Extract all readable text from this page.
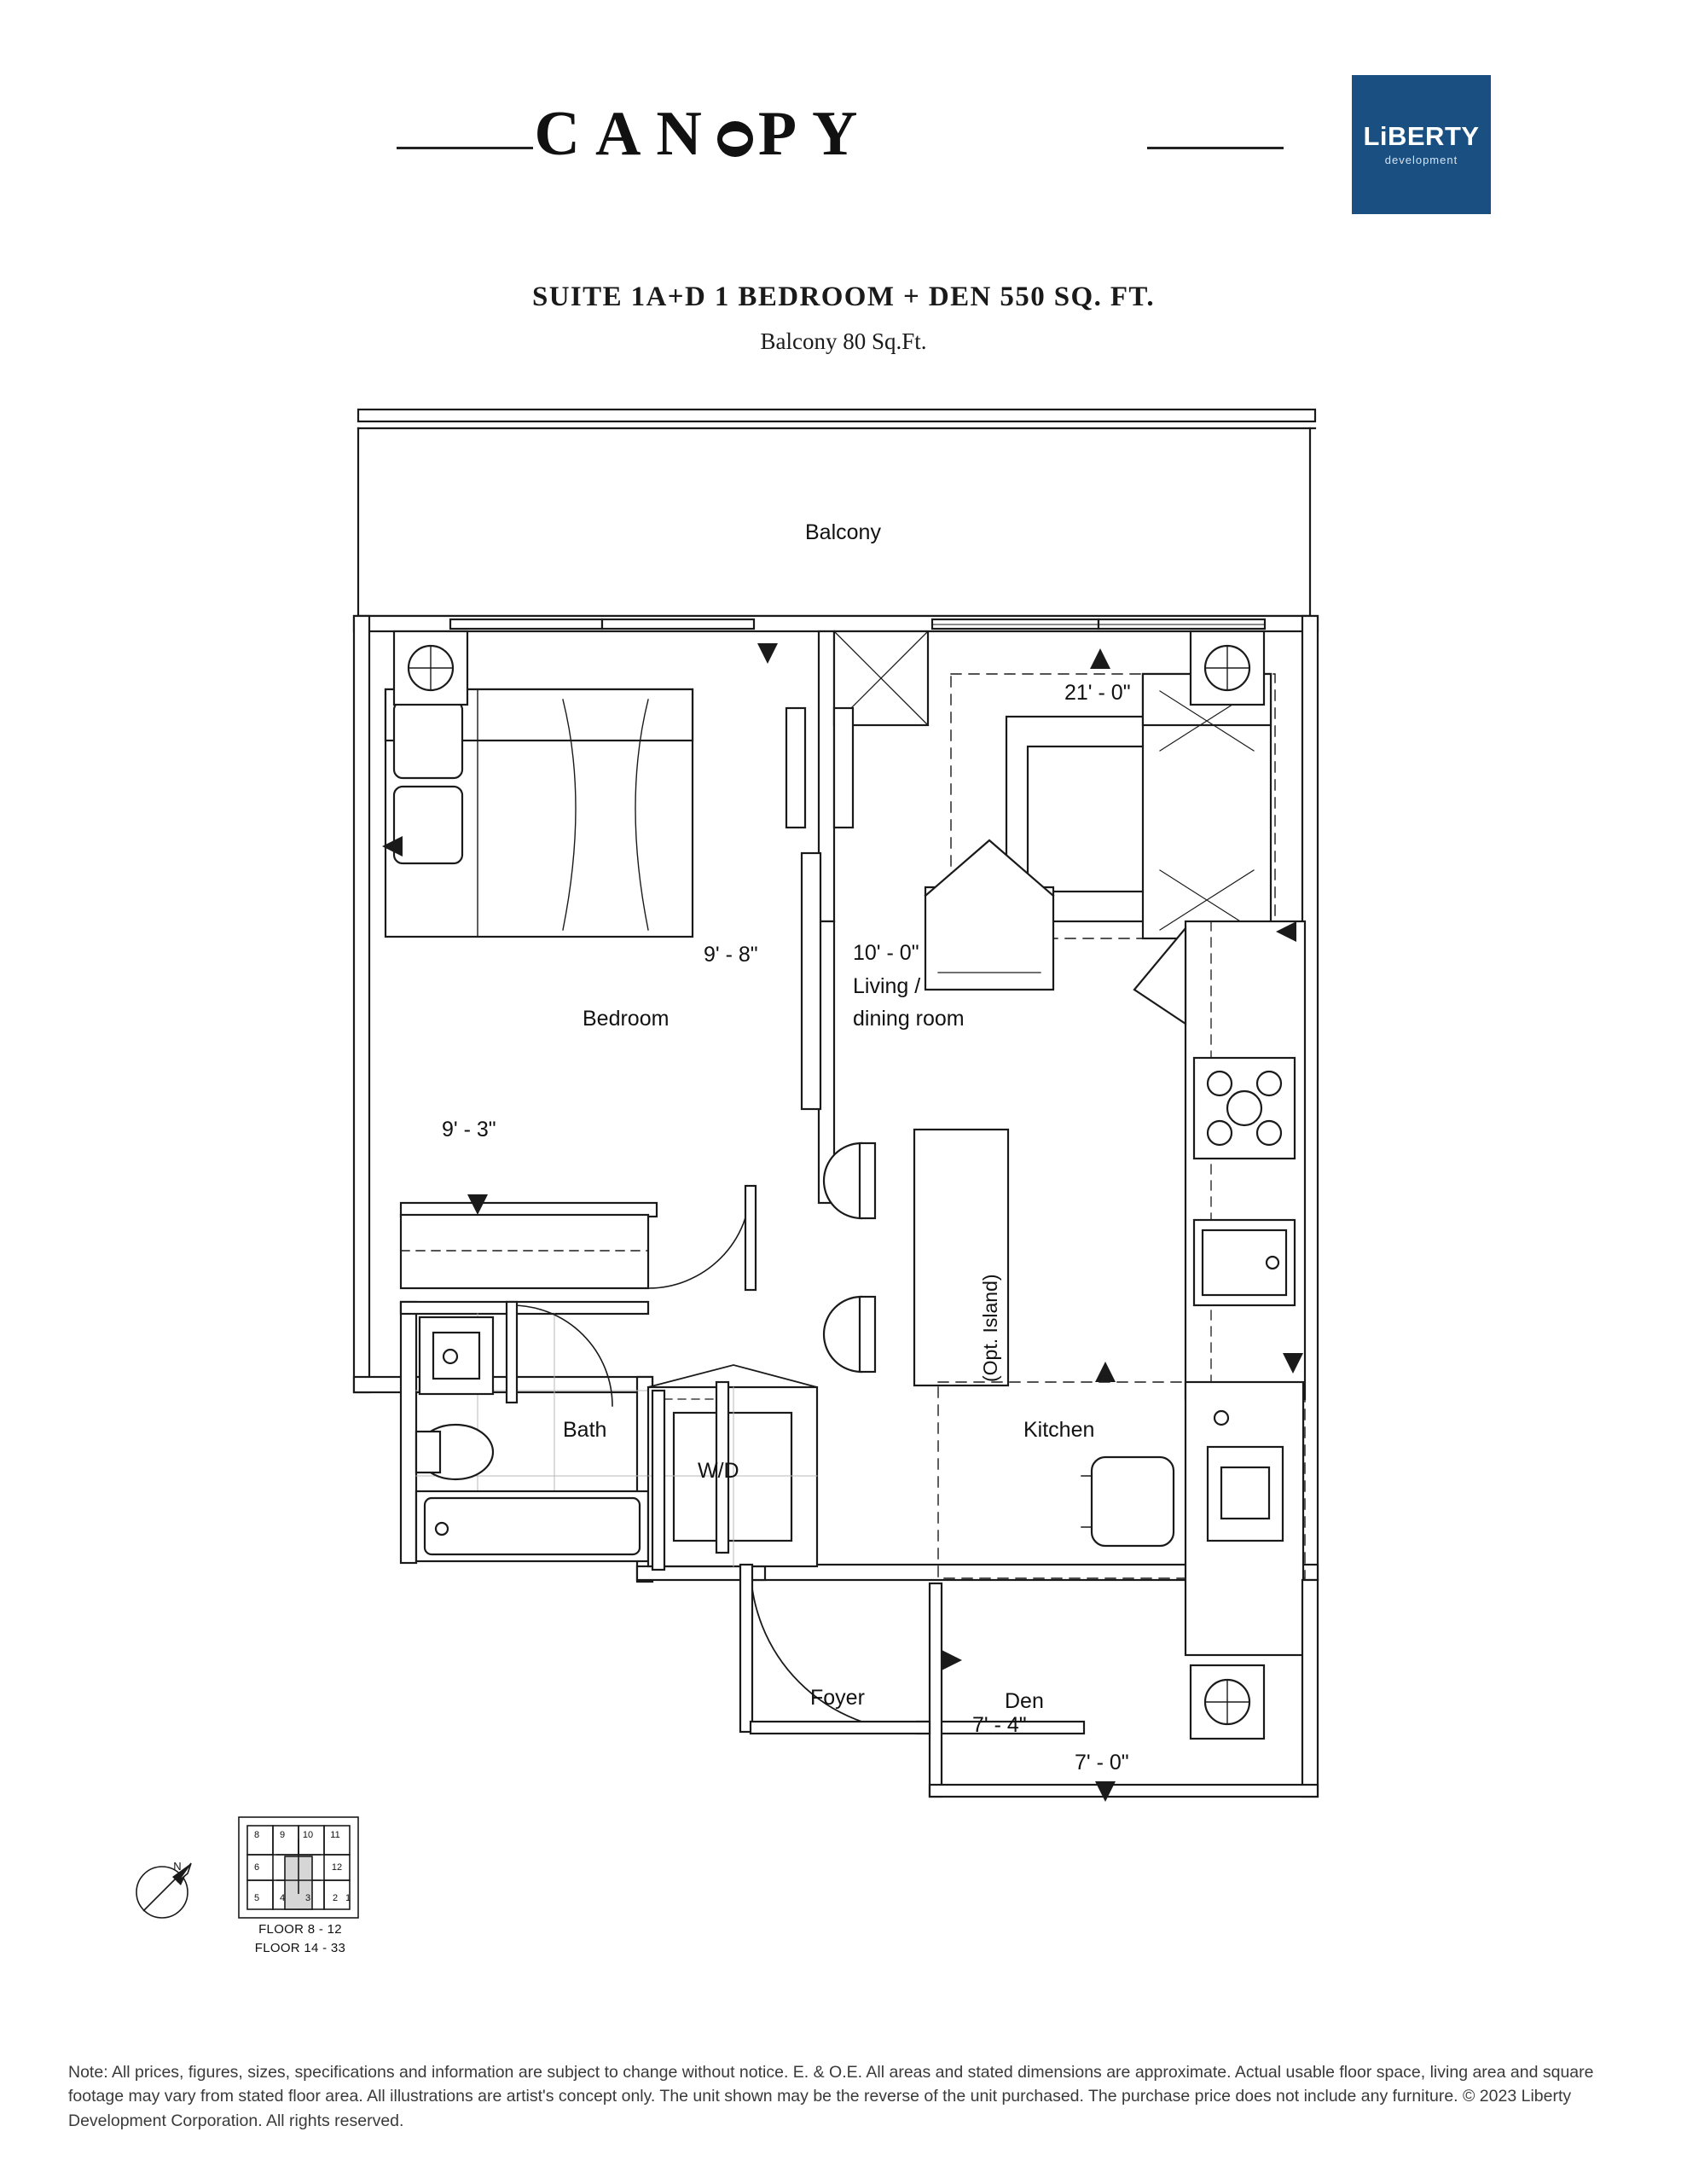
CAN PY	LiBERTY
development
SUITE 1A+D 1 BEDROOM + DEN 550 SQ. FT.
Balcony 80 Sq.Ft.
Balcony
Bedroom
Living /
dining room
Bath
W/D
Kitchen
(Opt. Island)
Foyer	Den
21' - 0"
9' - 8"	10' - 0"
9' - 3"
7' - 4"
7' - 0"
8 9 10 11
6	12
5 4 3 2 1
N
FLOOR 8 - 12
FLOOR 14 - 33
Note: All prices, figures, sizes, specifications and information are subject to change without notice. E. & O.E. All areas and stated dimensions are approximate. Actual usable floor space, living area and square footage may vary from stated floor area. All illustrations are artist's concept only. The unit shown may be the reverse of the unit purchased. The purchase price does not include any furniture. © 2023 Liberty Development Corporation. All rights reserved.
